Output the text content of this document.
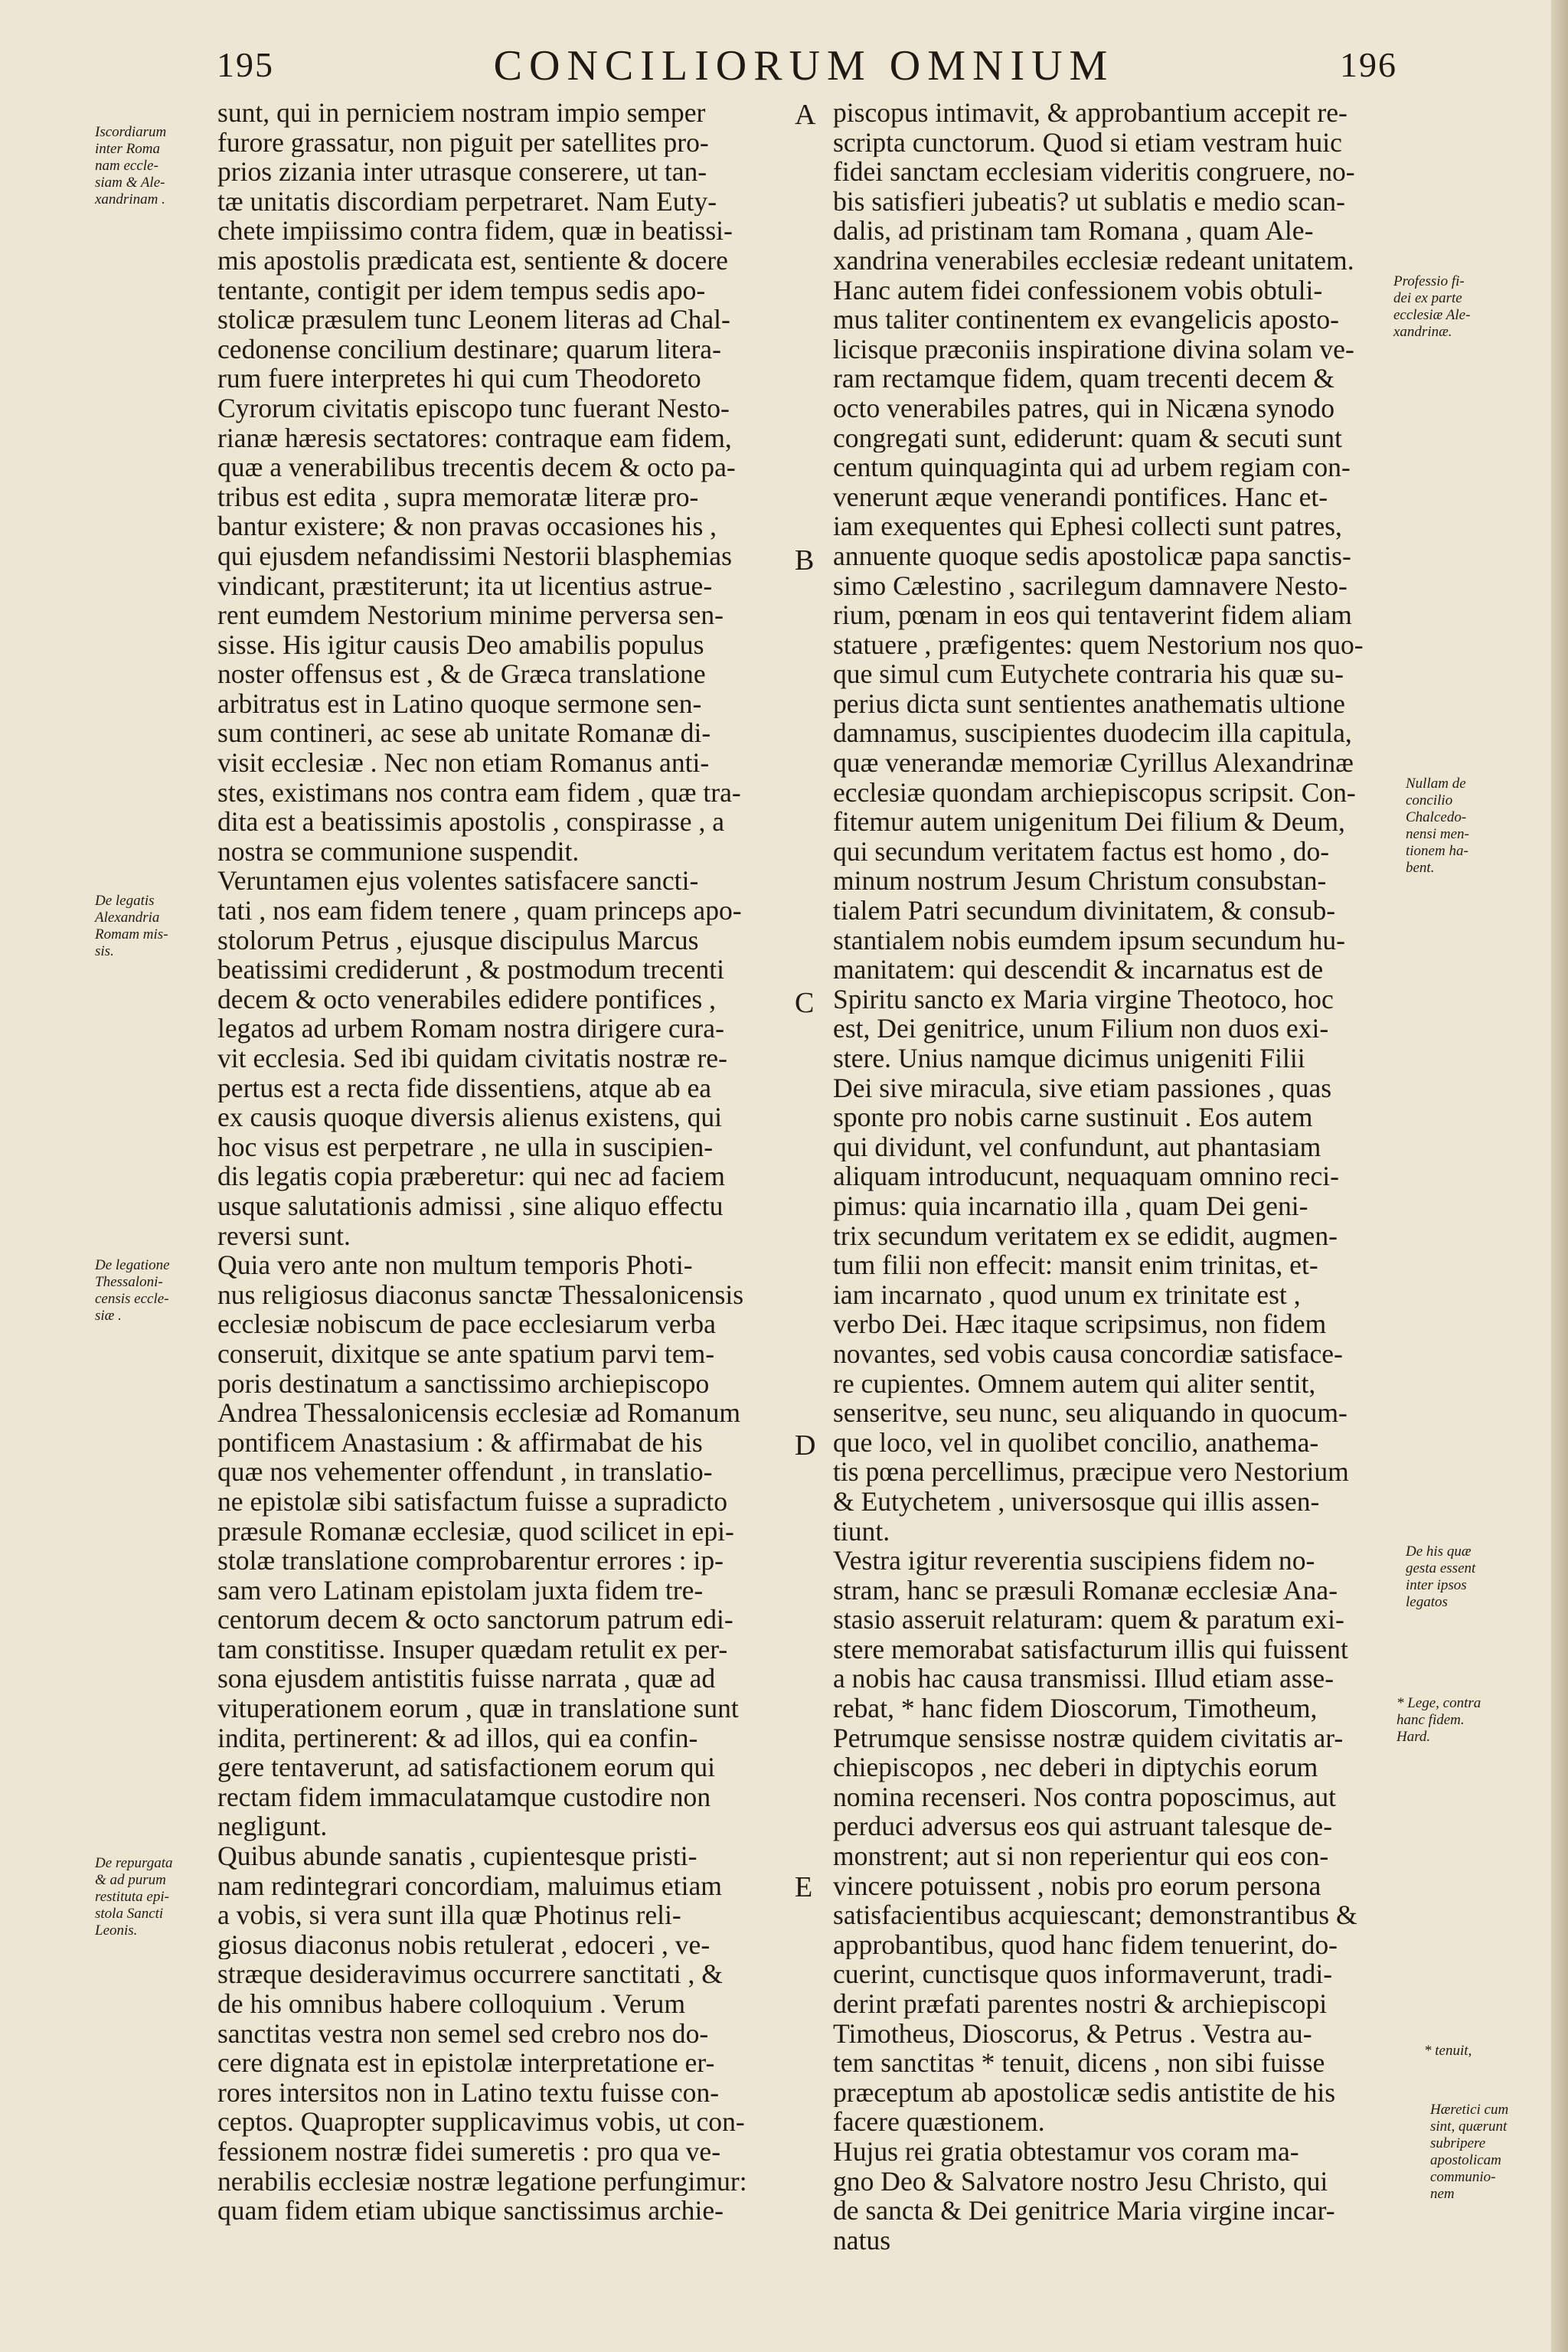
195	CONCILIORUM OMNIUM	196
Iscordiarum
inter Roma
nam eccle-
siam & Ale-
xandrinam .
De legatis
Alexandria
Romam mis-
sis.
De legatione
Thessaloni-
censis eccle-
siæ .
De repurgata
& ad purum
restituta epi-
stola Sancti
Leonis.
A
B
C
D
E
Professio fi-
dei ex parte
ecclesiæ Ale-
xandrinæ.
Nullam de
concilio
Chalcedo-
nensi men-
tionem ha-
bent.
De his quæ
gesta essent
inter ipsos
legatos
* Lege, contra
hanc fidem.
Hard.
* tenuit,
Hæretici cum
sint, quærunt
subripere
apostolicam
communio-
nem
sunt, qui in perniciem nostram impio semper
furore grassatur, non piguit per satellites pro-
prios zizania inter utrasque conserere, ut tan-
tæ unitatis discordiam perpetraret. Nam Euty-
chete impiissimo contra fidem, quæ in beatissi-
mis apostolis prædicata est, sentiente & docere
tentante, contigit per idem tempus sedis apo-
stolicæ præsulem tunc Leonem literas ad Chal-
cedonense concilium destinare; quarum litera-
rum fuere interpretes hi qui cum Theodoreto
Cyrorum civitatis episcopo tunc fuerant Nesto-
rianæ hæresis sectatores: contraque eam fidem,
quæ a venerabilibus trecentis decem & octo pa-
tribus est edita , supra memoratæ literæ pro-
bantur existere; & non pravas occasiones his ,
qui ejusdem nefandissimi Nestorii blasphemias
vindicant, præstiterunt; ita ut licentius astrue-
rent eumdem Nestorium minime perversa sen-
sisse. His igitur causis Deo amabilis populus
noster offensus est , & de Græca translatione
arbitratus est in Latino quoque sermone sen-
sum contineri, ac sese ab unitate Romanæ di-
visit ecclesiæ . Nec non etiam Romanus anti-
stes, existimans nos contra eam fidem , quæ tra-
dita est a beatissimis apostolis , conspirasse , a
nostra se communione suspendit.
Veruntamen ejus volentes satisfacere sancti-
tati , nos eam fidem tenere , quam princeps apo-
stolorum Petrus , ejusque discipulus Marcus
beatissimi crediderunt , & postmodum trecenti
decem & octo venerabiles edidere pontifices ,
legatos ad urbem Romam nostra dirigere cura-
vit ecclesia. Sed ibi quidam civitatis nostræ re-
pertus est a recta fide dissentiens, atque ab ea
ex causis quoque diversis alienus existens, qui
hoc visus est perpetrare , ne ulla in suscipien-
dis legatis copia præberetur: qui nec ad faciem
usque salutationis admissi , sine aliquo effectu
reversi sunt.
Quia vero ante non multum temporis Photi-
nus religiosus diaconus sanctæ Thessalonicensis
ecclesiæ nobiscum de pace ecclesiarum verba
conseruit, dixitque se ante spatium parvi tem-
poris destinatum a sanctissimo archiepiscopo
Andrea Thessalonicensis ecclesiæ ad Romanum
pontificem Anastasium : & affirmabat de his
quæ nos vehementer offendunt , in translatio-
ne epistolæ sibi satisfactum fuisse a supradicto
præsule Romanæ ecclesiæ, quod scilicet in epi-
stolæ translatione comprobarentur errores : ip-
sam vero Latinam epistolam juxta fidem tre-
centorum decem & octo sanctorum patrum edi-
tam constitisse. Insuper quædam retulit ex per-
sona ejusdem antistitis fuisse narrata , quæ ad
vituperationem eorum , quæ in translatione sunt
indita, pertinerent: & ad illos, qui ea confin-
gere tentaverunt, ad satisfactionem eorum qui
rectam fidem immaculatamque custodire non
negligunt.
Quibus abunde sanatis , cupientesque pristi-
nam redintegrari concordiam, maluimus etiam
a vobis, si vera sunt illa quæ Photinus reli-
giosus diaconus nobis retulerat , edoceri , ve-
stræque desideravimus occurrere sanctitati , &
de his omnibus habere colloquium . Verum
sanctitas vestra non semel sed crebro nos do-
cere dignata est in epistolæ interpretatione er-
rores intersitos non in Latino textu fuisse con-
ceptos. Quapropter supplicavimus vobis, ut con-
fessionem nostræ fidei sumeretis : pro qua ve-
nerabilis ecclesiæ nostræ legatione perfungimur:
quam fidem etiam ubique sanctissimus archie-
piscopus intimavit, & approbantium accepit re-
scripta cunctorum. Quod si etiam vestram huic
fidei sanctam ecclesiam videritis congruere, no-
bis satisfieri jubeatis? ut sublatis e medio scan-
dalis, ad pristinam tam Romana , quam Ale-
xandrina venerabiles ecclesiæ redeant unitatem.
Hanc autem fidei confessionem vobis obtuli-
mus taliter continentem ex evangelicis aposto-
licisque præconiis inspiratione divina solam ve-
ram rectamque fidem, quam trecenti decem &
octo venerabiles patres, qui in Nicæna synodo
congregati sunt, ediderunt: quam & secuti sunt
centum quinquaginta qui ad urbem regiam con-
venerunt æque venerandi pontifices. Hanc et-
iam exequentes qui Ephesi collecti sunt patres,
annuente quoque sedis apostolicæ papa sanctis-
simo Cælestino , sacrilegum damnavere Nesto-
rium, pœnam in eos qui tentaverint fidem aliam
statuere , præfigentes: quem Nestorium nos quo-
que simul cum Eutychete contraria his quæ su-
perius dicta sunt sentientes anathematis ultione
damnamus, suscipientes duodecim illa capitula,
quæ venerandæ memoriæ Cyrillus Alexandrinæ
ecclesiæ quondam archiepiscopus scripsit. Con-
fitemur autem unigenitum Dei filium & Deum,
qui secundum veritatem factus est homo , do-
minum nostrum Jesum Christum consubstan-
tialem Patri secundum divinitatem, & consub-
stantialem nobis eumdem ipsum secundum hu-
manitatem: qui descendit & incarnatus est de
Spiritu sancto ex Maria virgine Theotoco, hoc
est, Dei genitrice, unum Filium non duos exi-
stere. Unius namque dicimus unigeniti Filii
Dei sive miracula, sive etiam passiones , quas
sponte pro nobis carne sustinuit . Eos autem
qui dividunt, vel confundunt, aut phantasiam
aliquam introducunt, nequaquam omnino reci-
pimus: quia incarnatio illa , quam Dei geni-
trix secundum veritatem ex se edidit, augmen-
tum filii non effecit: mansit enim trinitas, et-
iam incarnato , quod unum ex trinitate est ,
verbo Dei. Hæc itaque scripsimus, non fidem
novantes, sed vobis causa concordiæ satisface-
re cupientes. Omnem autem qui aliter sentit,
senseritve, seu nunc, seu aliquando in quocum-
que loco, vel in quolibet concilio, anathema-
tis pœna percellimus, præcipue vero Nestorium
& Eutychetem , universosque qui illis assen-
tiunt.
Vestra igitur reverentia suscipiens fidem no-
stram, hanc se præsuli Romanæ ecclesiæ Ana-
stasio asseruit relaturam: quem & paratum exi-
stere memorabat satisfacturum illis qui fuissent
a nobis hac causa transmissi. Illud etiam asse-
rebat, * hanc fidem Dioscorum, Timotheum,
Petrumque sensisse nostræ quidem civitatis ar-
chiepiscopos , nec deberi in diptychis eorum
nomina recenseri. Nos contra poposcimus, aut
perduci adversus eos qui astruant talesque de-
monstrent; aut si non reperientur qui eos con-
vincere potuissent , nobis pro eorum persona
satisfacientibus acquiescant; demonstrantibus &
approbantibus, quod hanc fidem tenuerint, do-
cuerint, cunctisque quos informaverunt, tradi-
derint præfati parentes nostri & archiepiscopi
Timotheus, Dioscorus, & Petrus . Vestra au-
tem sanctitas * tenuit, dicens , non sibi fuisse
præceptum ab apostolicæ sedis antistite de his
facere quæstionem.
Hujus rei gratia obtestamur vos coram ma-
gno Deo & Salvatore nostro Jesu Christo, qui
de sancta & Dei genitrice Maria virgine incar-
natus
